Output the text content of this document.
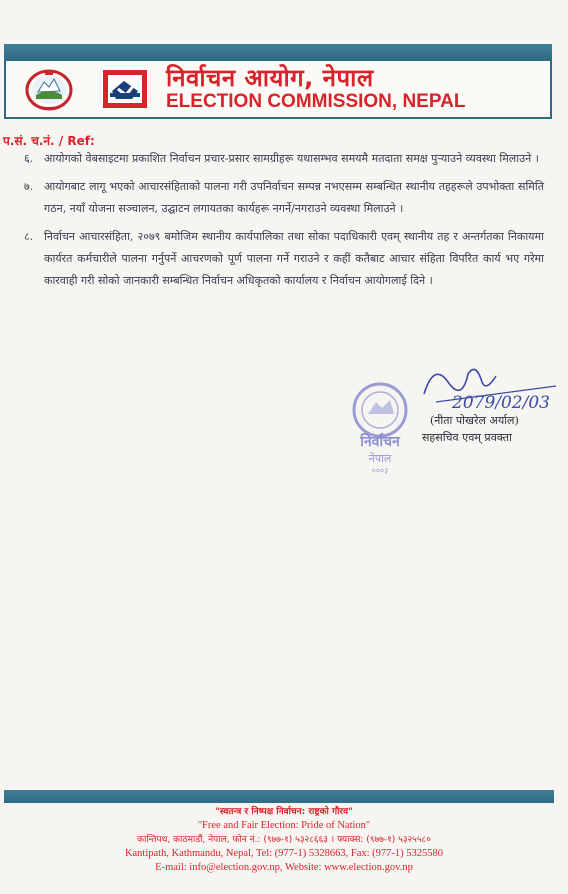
निर्वाचन आयोग, नेपाल
ELECTION COMMISSION, NEPAL
प.सं. च.नं. / Ref:
६. आयोगको वेबसाइटमा प्रकाशित निर्वाचन प्रचार-प्रसार सामग्रीहरू यथासम्भव समयमै मतदाता समक्ष पुऱ्याउने व्यवस्था मिलाउने ।
७. आयोगबाट लागू भएको आचारसंहिताको पालना गरी उपनिर्वाचन सम्पन्न नभएसम्म सम्बन्धित स्थानीय तहहरूले उपभोक्ता समिति गठन, नयाँ योजना सञ्चालन, उद्घाटन लगायतका कार्यहरू नगर्ने/नगराउने व्यवस्था मिलाउने ।
८. निर्वाचन आचारसंहिता, २०७९ बमोजिम स्थानीय कार्यपालिका तथा सोका पदाधिकारी एवम् स्थानीय तह र अन्तर्गतका निकायमा कार्यरत कर्मचारीले पालना गर्नुपर्ने आचरणको पूर्ण पालना गर्ने गराउने र कहीं कतैबाट आचार संहिता विपरित कार्य भए गरेमा कारवाही गरी सोको जानकारी सम्बन्धित निर्वाचन अधिकृतको कार्यालय र निर्वाचन आयोगलाई दिने ।
निर्वाचन
नेपाल
०००३
2079/02/03
(नीता पोखरेल अर्याल)
सहसचिव एवम् प्रवक्ता
"स्वतन्त्र र निष्पक्ष निर्वाचन: राष्ट्रको गौरव"
"Free and Fair Election: Pride of Nation"
कान्तिपथ, काठमाडौं, नेपाल, फोन नं.: (९७७-१) ५३२८६६३ । फ्याक्स: (९७७-१) ५३२५५८०
Kantipath, Kathmandu, Nepal, Tel: (977-1) 5328663, Fax: (977-1) 5325580
E-mail: info@election.gov.np, Website: www.election.gov.np
